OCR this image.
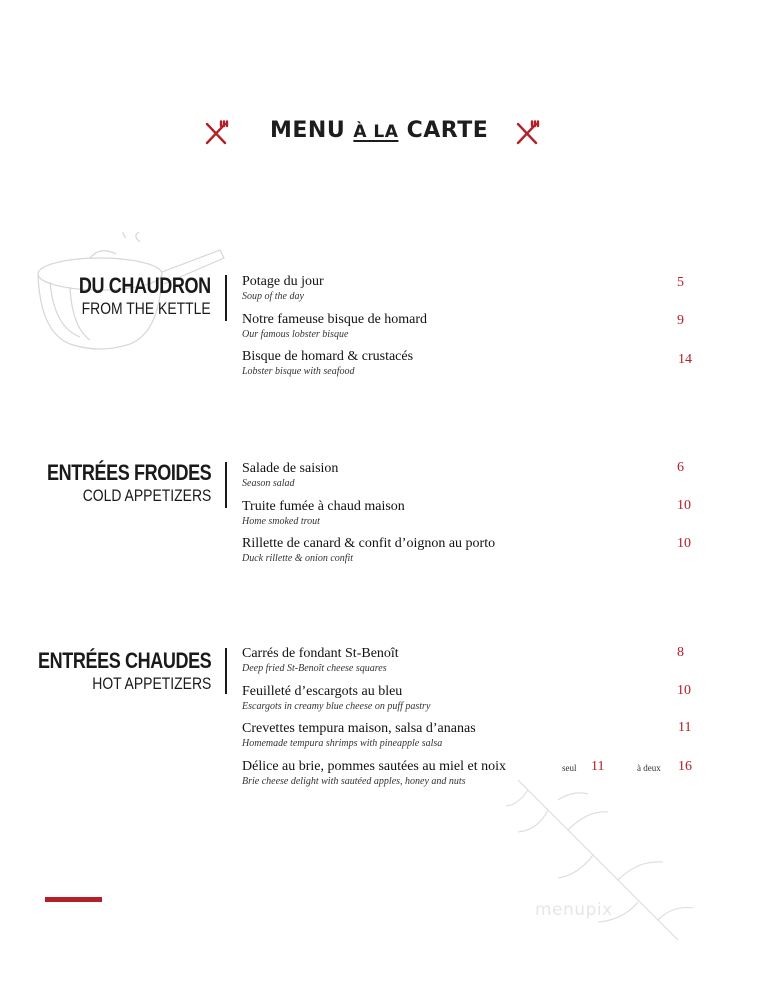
MENU À LA CARTE
DU CHAUDRON
FROM THE KETTLE
Potage du jour
Soup of the day
5
Notre fameuse bisque de homard
Our famous lobster bisque
9
Bisque de homard & crustacés
Lobster bisque with seafood
14
ENTRÉES FROIDES
COLD APPETIZERS
Salade de saision
Season salad
6
Truite fumée à chaud maison
Home smoked trout
10
Rillette de canard & confit d’oignon au porto
Duck rillette & onion confit
10
ENTRÉES CHAUDES
HOT APPETIZERS
Carrés de fondant St-Benoît
Deep fried St-Benoît cheese squares
8
Feuilleté d’escargots au bleu
Escargots in creamy blue cheese on puff pastry
10
Crevettes tempura maison, salsa d’ananas
Homemade tempura shrimps with pineapple salsa
11
Délice au brie, pommes sautées au miel et noix
Brie cheese delight with sautéed apples, honey and nuts
seul 11	à deux 16
menupix
